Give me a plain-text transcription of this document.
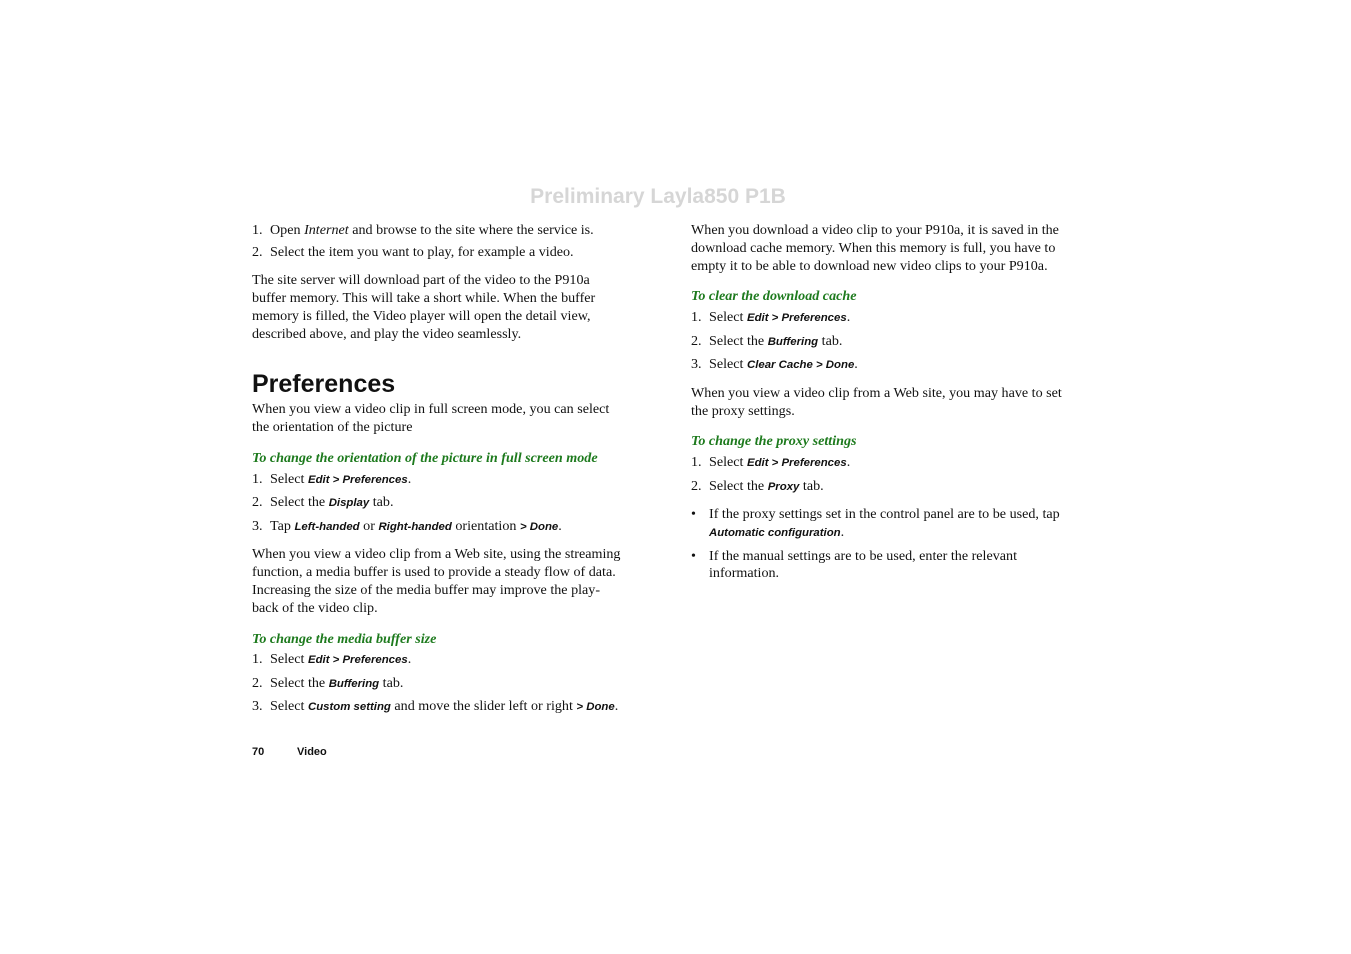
Preliminary Layla850 P1B
1. Open Internet and browse to the site where the service is.
2. Select the item you want to play, for example a video.

The site server will download part of the video to the P910a buffer memory. This will take a short while. When the buffer memory is filled, the Video player will open the detail view, described above, and play the video seamlessly.

Preferences

When you view a video clip in full screen mode, you can select the orientation of the picture

To change the orientation of the picture in full screen mode
1. Select Edit > Preferences.
2. Select the Display tab.
3. Tap Left-handed or Right-handed orientation > Done.

When you view a video clip from a Web site, using the streaming function, a media buffer is used to provide a steady flow of data. Increasing the size of the media buffer may improve the play-back of the video clip.

To change the media buffer size
1. Select Edit > Preferences.
2. Select the Buffering tab.
3. Select Custom setting and move the slider left or right > Done.

When you download a video clip to your P910a, it is saved in the download cache memory. When this memory is full, you have to empty it to be able to download new video clips to your P910a.

To clear the download cache
1. Select Edit > Preferences.
2. Select the Buffering tab.
3. Select Clear Cache > Done.

When you view a video clip from a Web site, you may have to set the proxy settings.

To change the proxy settings
1. Select Edit > Preferences.
2. Select the Proxy tab.
• If the proxy settings set in the control panel are to be used, tap Automatic configuration.
• If the manual settings are to be used, enter the relevant information.
70	Video
